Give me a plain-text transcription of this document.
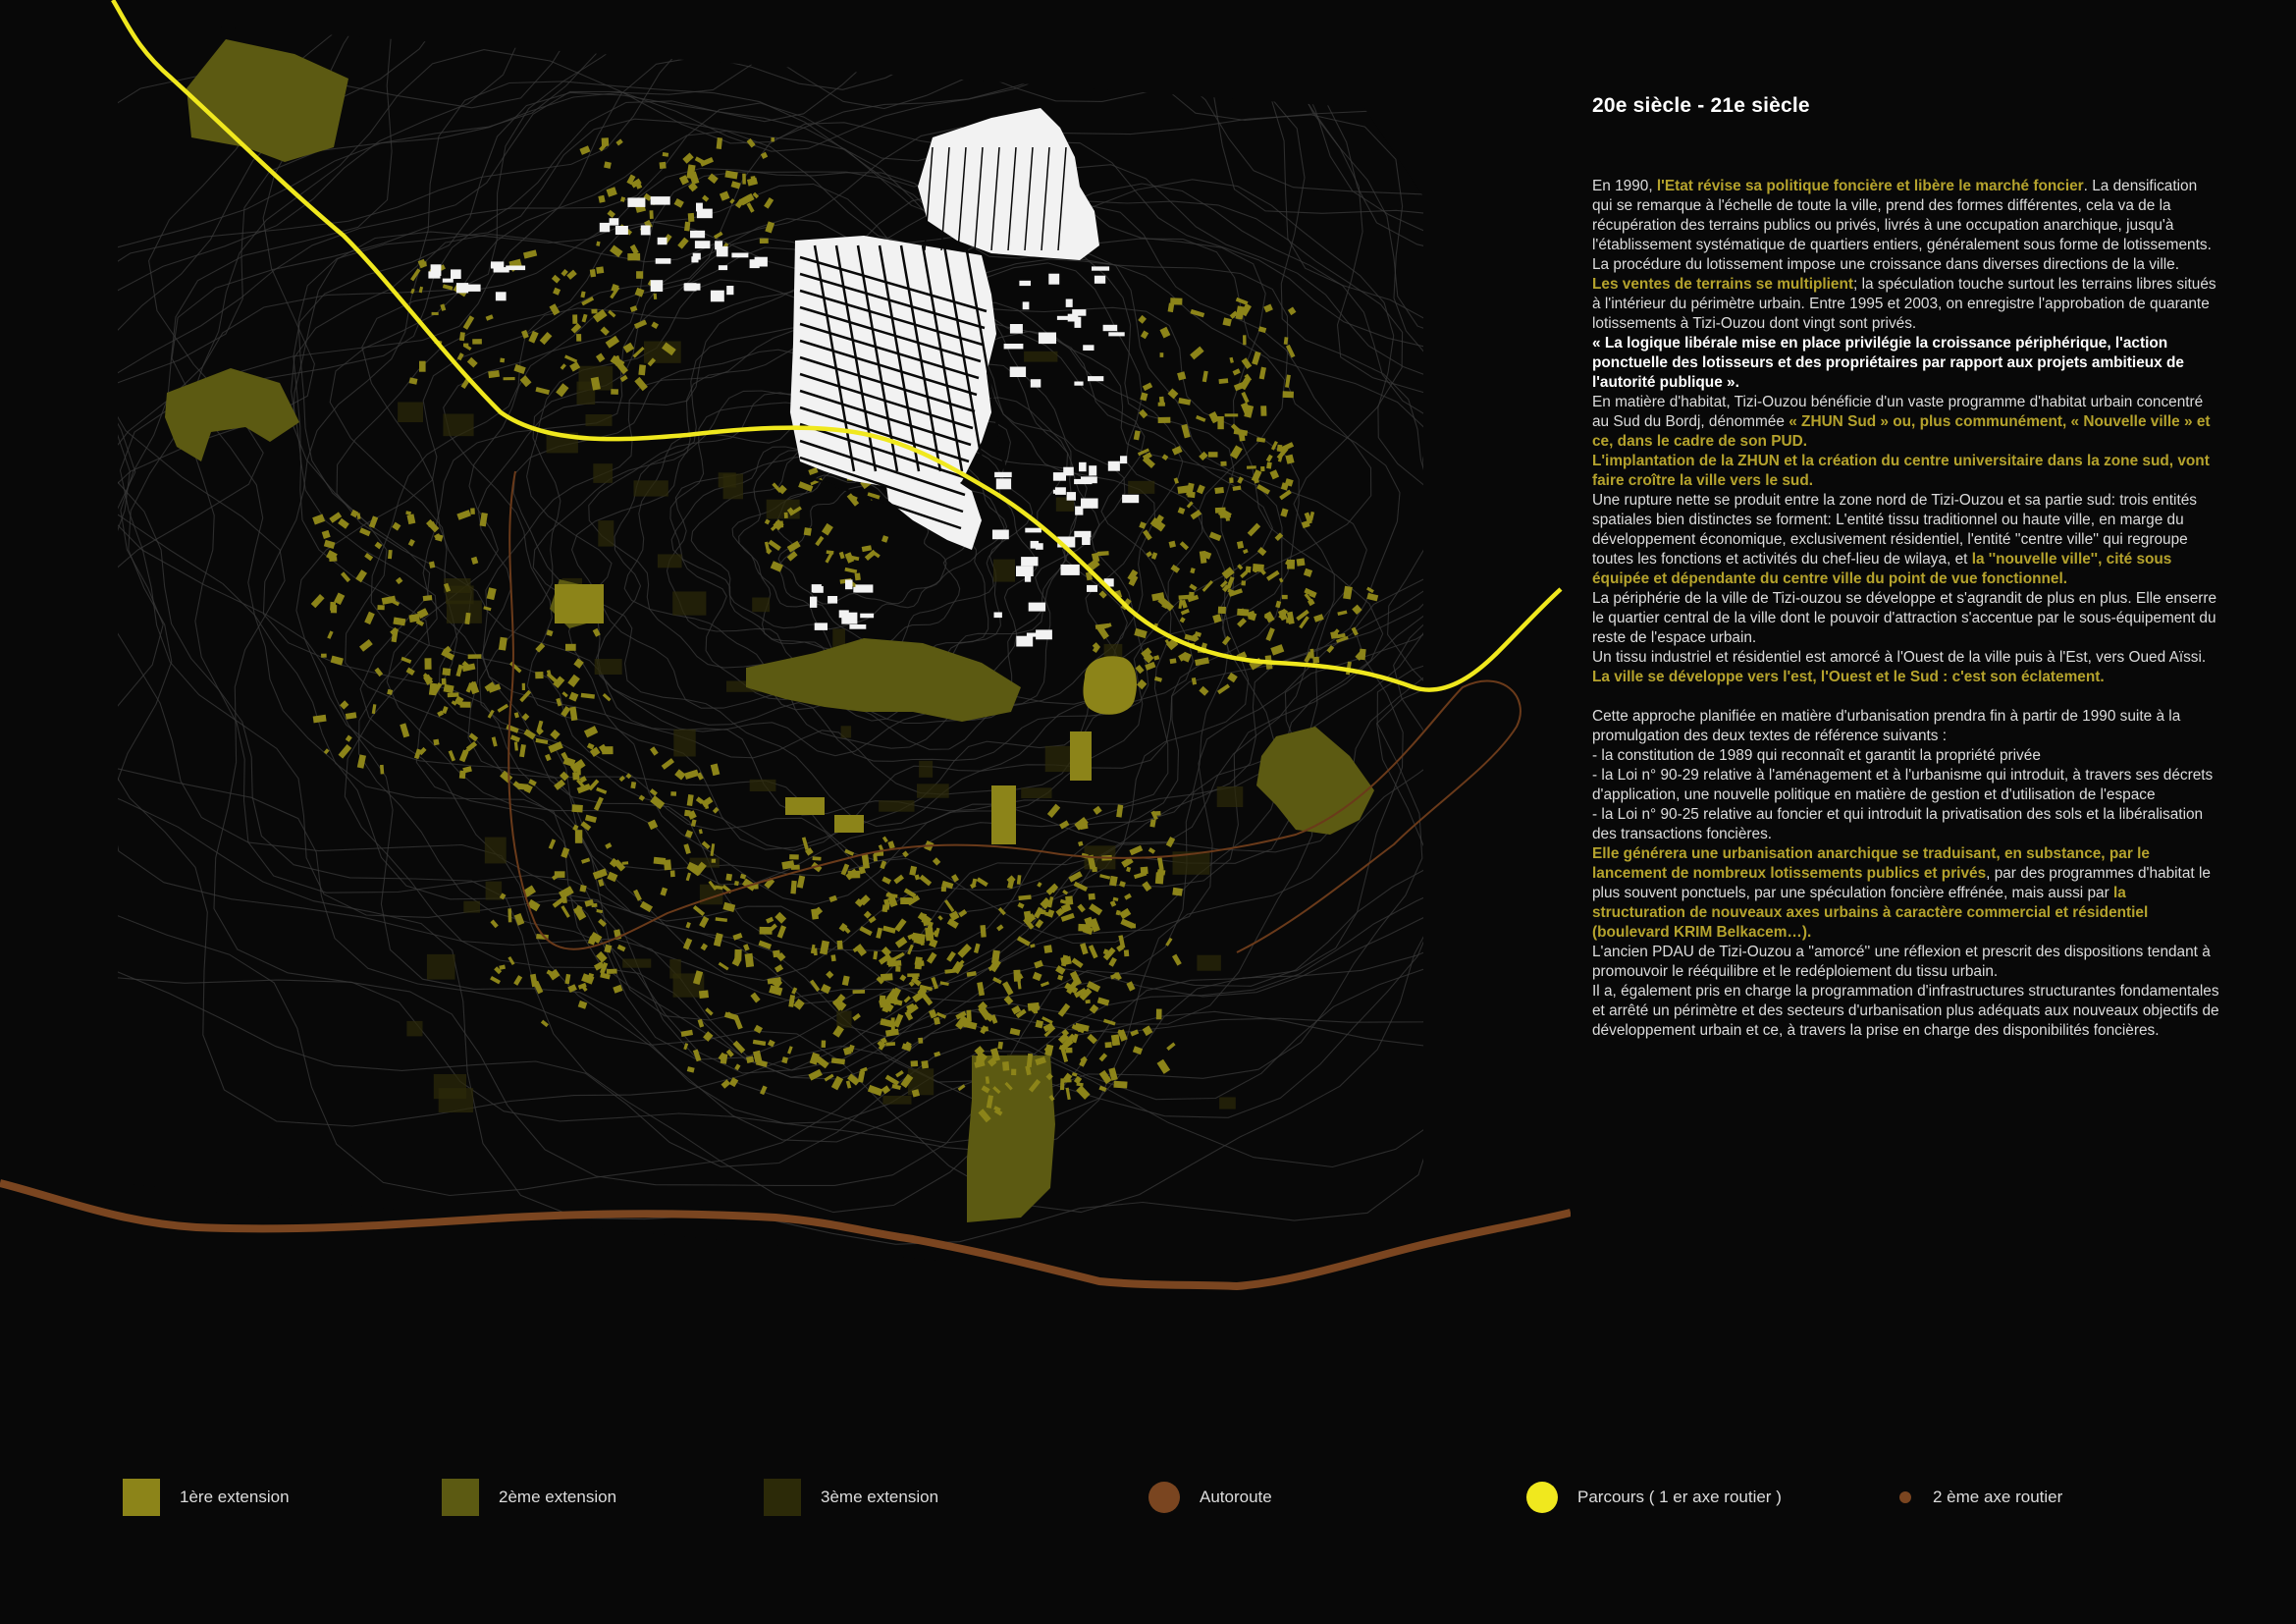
20e siècle - 21e siècle

En 1990, l'Etat révise sa politique foncière et libère le marché foncier. La densification qui se remarque à l'échelle de toute la ville, prend des formes différentes, cela va de la récupération des terrains publics ou privés, livrés à une occupation anarchique, jusqu'à l'établissement systématique de quartiers entiers, généralement sous forme de lotissements. La procédure du lotissement impose une croissance dans diverses directions de la ville.

Les ventes de terrains se multiplient; la spéculation touche surtout les terrains libres situés à l'intérieur du périmètre urbain. Entre 1995 et 2003, on enregistre l'approbation de quarante lotissements à Tizi-Ouzou dont vingt sont privés.

« La logique libérale mise en place privilégie la croissance périphérique, l'action ponctuelle des lotisseurs et des propriétaires par rapport aux projets ambitieux de l'autorité publique ».

En matière d'habitat, Tizi-Ouzou bénéficie d'un vaste programme d'habitat urbain concentré au Sud du Bordj, dénommée « ZHUN Sud » ou, plus communément, « Nouvelle ville » et ce, dans le cadre de son PUD.

L'implantation de la ZHUN et la création du centre universitaire dans la zone sud, vont faire croître la ville vers le sud.

Une rupture nette se produit entre la zone nord de Tizi-Ouzou et sa partie sud: trois entités spatiales bien distinctes se forment: L'entité tissu traditionnel ou haute ville, en marge du développement économique, exclusivement résidentiel, l'entité ''centre ville'' qui regroupe toutes les fonctions et activités du chef-lieu de wilaya, et la ''nouvelle ville'', cité sous équipée et dépendante du centre ville du point de vue fonctionnel.

La périphérie de la ville de Tizi-ouzou se développe et s'agrandit de plus en plus. Elle enserre le quartier central de la ville dont le pouvoir d'attraction s'accentue par le sous-équipement du reste de l'espace urbain.

Un tissu industriel et résidentiel est amorcé à l'Ouest de la ville puis à l'Est, vers Oued Aïssi.

La ville se développe vers l'est, l'Ouest et le Sud : c'est son éclatement.

Cette approche planifiée en matière d'urbanisation prendra fin à partir de 1990 suite à la promulgation des deux textes de référence suivants :

- la constitution de 1989 qui reconnaît et garantit la propriété privée

- la Loi n° 90-29 relative à l'aménagement et à l'urbanisme qui introduit, à travers ses décrets d'application, une nouvelle politique en matière de gestion et d'utilisation de l'espace

- la Loi n° 90-25 relative au foncier et qui introduit la privatisation des sols et la libéralisation des transactions foncières.

Elle générera une urbanisation anarchique se traduisant, en substance, par le lancement de nombreux lotissements publics et privés, par des programmes d'habitat le plus souvent ponctuels, par une spéculation foncière effrénée, mais aussi par la structuration de nouveaux axes urbains à caractère commercial et résidentiel (boulevard KRIM Belkacem…).

L'ancien PDAU de Tizi-Ouzou a ''amorcé'' une réflexion et prescrit des dispositions tendant à promouvoir le rééquilibre et le redéploiement du tissu urbain.

Il a, également pris en charge la programmation d'infrastructures structurantes fondamentales et arrêté un périmètre et des secteurs d'urbanisation plus adéquats aux nouveaux objectifs de développement urbain et ce, à travers la prise en charge des disponibilités foncières.

1ère extension	2ème extension	3ème extension	Autoroute	Parcours ( 1 er axe routier )	2 ème axe routier
